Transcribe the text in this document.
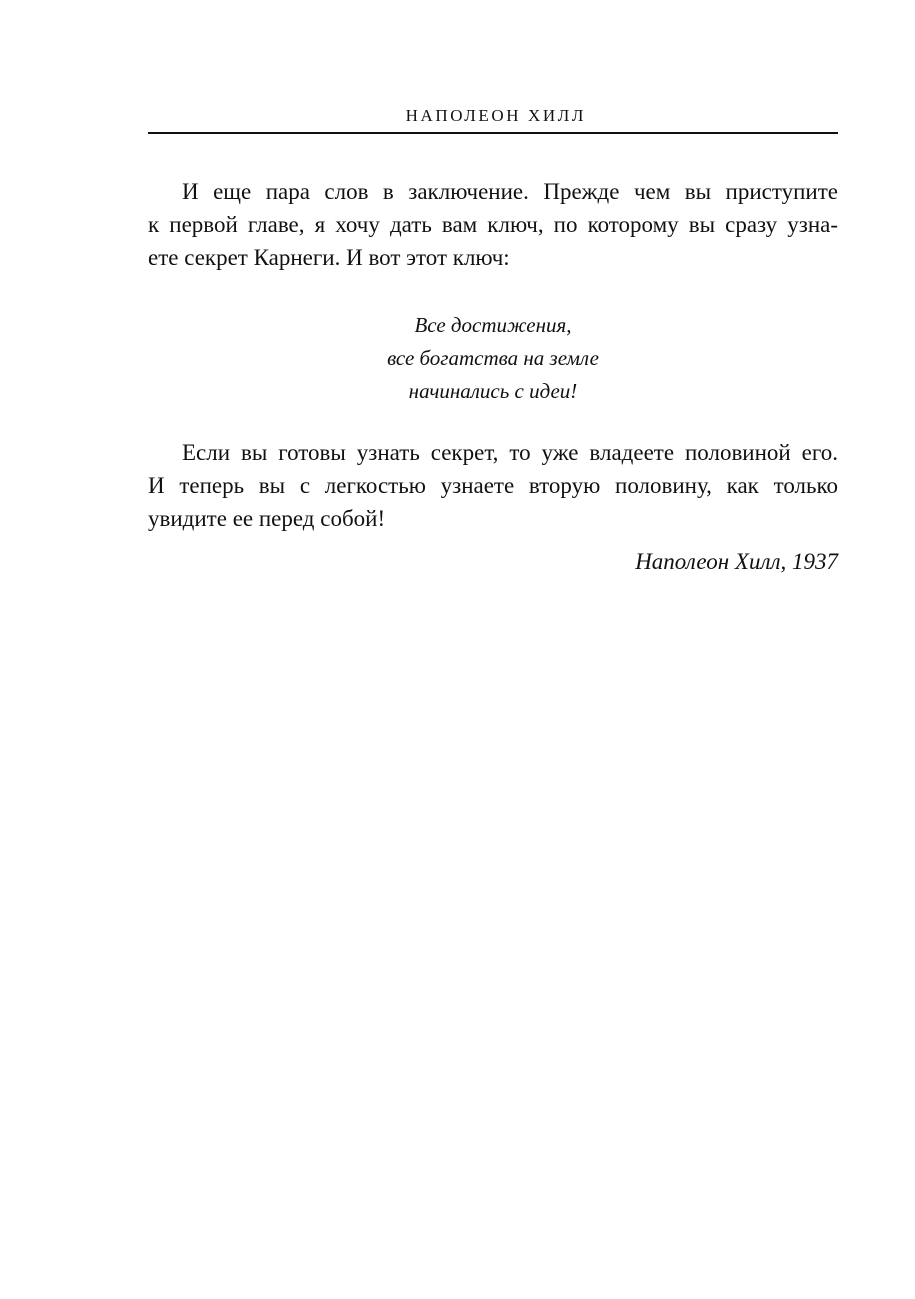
НАПОЛЕОН ХИЛЛ

И еще пара слов в заключение. Прежде чем вы приступите
к первой главе, я хочу дать вам ключ, по которому вы сразу узна-
ете секрет Карнеги. И вот этот ключ:

Все достижения,
все богатства на земле
начинались с идеи!

Если вы готовы узнать секрет, то уже владеете половиной его.
И теперь вы с легкостью узнаете вторую половину, как только
увидите ее перед собой!

Наполеон Хилл, 1937
